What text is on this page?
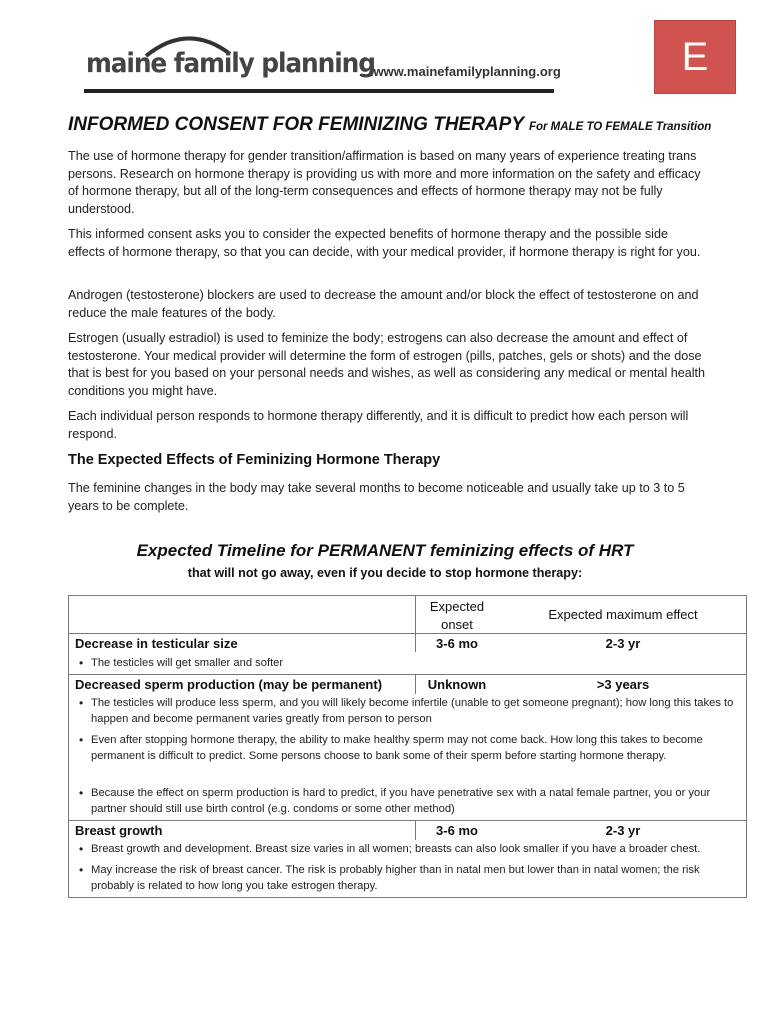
maine family planning
....www.mainefamilyplanning.org	E
INFORMED CONSENT FOR FEMINIZING THERAPY For MALE TO FEMALE Transition

The use of hormone therapy for gender transition/affirmation is based on many years of experience treating trans persons. Research on hormone therapy is providing us with more and more information on the safety and efficacy of hormone therapy, but all of the long-term consequences and effects of hormone therapy may not be fully understood.

This informed consent asks you to consider the expected benefits of hormone therapy and the possible side effects of hormone therapy, so that you can decide, with your medical provider, if hormone therapy is right for you.

Androgen (testosterone) blockers are used to decrease the amount and/or block the effect of testosterone on and reduce the male features of the body.

Estrogen (usually estradiol) is used to feminize the body; estrogens can also decrease the amount and effect of testosterone. Your medical provider will determine the form of estrogen (pills, patches, gels or shots) and the dose that is best for you based on your personal needs and wishes, as well as considering any medical or mental health conditions you might have.

Each individual person responds to hormone therapy differently, and it is difficult to predict how each person will respond.

The Expected Effects of Feminizing Hormone Therapy

The feminine changes in the body may take several months to become noticeable and usually take up to 3 to 5 years to be complete.

Expected Timeline for PERMANENT feminizing effects of HRT
that will not go away, even if you decide to stop hormone therapy:
Expected onset
Expected maximum effect
Decrease in testicular size	3-6 mo	2-3 yr
• The testicles will get smaller and softer
Decreased sperm production (may be permanent)	Unknown	>3 years
• The testicles will produce less sperm, and you will likely become infertile (unable to get someone pregnant); how long this takes to happen and become permanent varies greatly from person to person
• Even after stopping hormone therapy, the ability to make healthy sperm may not come back. How long this takes to become permanent is difficult to predict. Some persons choose to bank some of their sperm before starting hormone therapy.
• Because the effect on sperm production is hard to predict, if you have penetrative sex with a natal female partner, you or your partner should still use birth control (e.g. condoms or some other method)
Breast growth	3-6 mo	2-3 yr
• Breast growth and development. Breast size varies in all women; breasts can also look smaller if you have a broader chest.
• May increase the risk of breast cancer. The risk is probably higher than in natal men but lower than in natal women; the risk probably is related to how long you take estrogen therapy.
